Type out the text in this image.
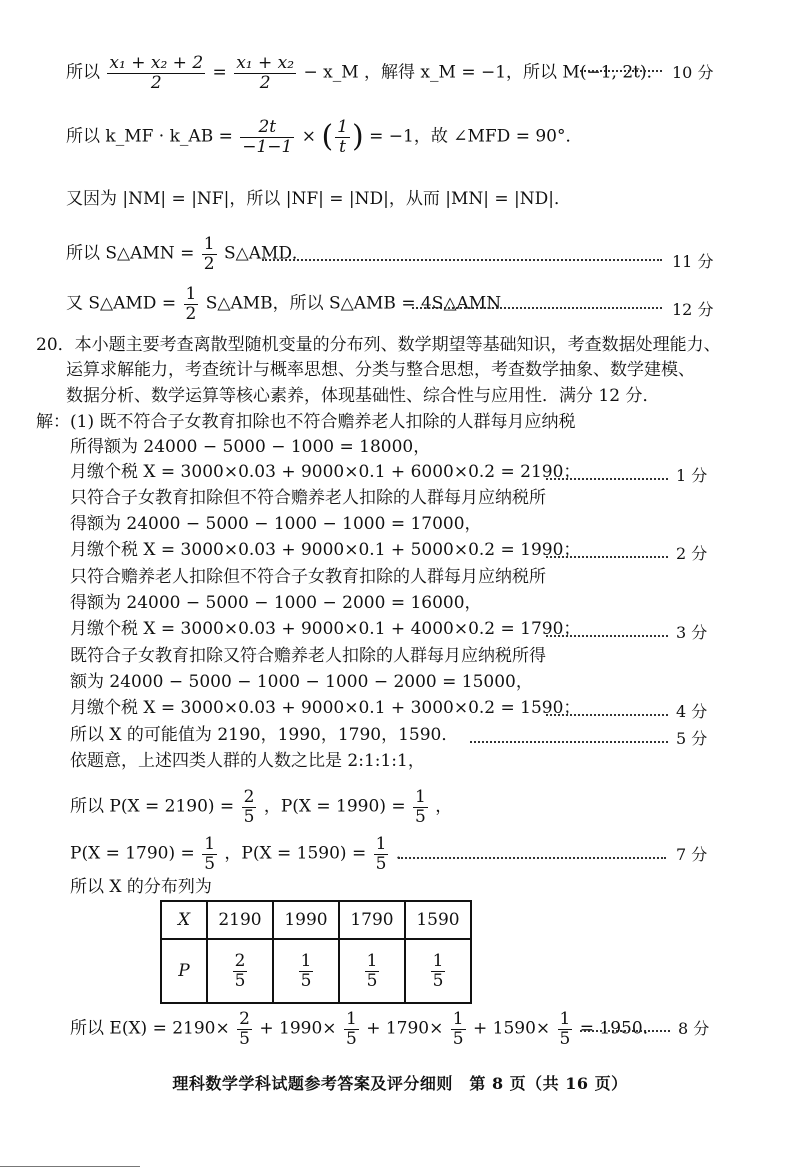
所以 $\frac{\text{x₁ + x₂ + 2}}{2} = \frac{\text{x₁ + x₂}}{2}$ − x_M ，解得 x_M = −1，所以 M(−1, 2t)． 10 分
所以 k_MF · k_AB = $\frac{2t}{-1-1}$ × ( $\frac{1}{t}$ ) = −1，故 ∠MFD = 90°．
又因为 |NM| = |NF|，所以 |NF| = |ND|，从而 |MN| = |ND|．
所以 S△AMN = $\frac{1}{2}$ S△AMD．	11 分
又 S△AMD = $\frac{1}{2}$ S△AMB，所以 S△AMB = 4S△AMN	12 分
20．本小题主要考查离散型随机变量的分布列、数学期望等基础知识，考查数据处理能力、
运算求解能力，考查统计与概率思想、分类与整合思想，考查数学抽象、数学建模、
数据分析、数学运算等核心素养，体现基础性、综合性与应用性．满分 12 分．
解：(1) 既不符合子女教育扣除也不符合赡养老人扣除的人群每月应纳税
所得额为 24000 − 5000 − 1000 = 18000，
月缴个税 X = 3000×0.03 + 9000×0.1 + 6000×0.2 = 2190；	1 分
只符合子女教育扣除但不符合赡养老人扣除的人群每月应纳税所
得额为 24000 − 5000 − 1000 − 1000 = 17000，
月缴个税 X = 3000×0.03 + 9000×0.1 + 5000×0.2 = 1990；	2 分
只符合赡养老人扣除但不符合子女教育扣除的人群每月应纳税所
得额为 24000 − 5000 − 1000 − 2000 = 16000，
月缴个税 X = 3000×0.03 + 9000×0.1 + 4000×0.2 = 1790；	3 分
既符合子女教育扣除又符合赡养老人扣除的人群每月应纳税所得
额为 24000 − 5000 − 1000 − 1000 − 2000 = 15000，
月缴个税 X = 3000×0.03 + 9000×0.1 + 3000×0.2 = 1590；	4 分
所以 X 的可能值为 2190，1990，1790，1590．	5 分
依题意，上述四类人群的人数之比是 2:1:1:1，
所以 $P(X = 2190) = \frac{2}{5}$ ，$P(X = 1990) = \frac{1}{5}$ ，
$P(X = 1790) = \frac{1}{5}$ ，$P(X = 1590) = \frac{1}{5}$ ．	7 分
所以 X 的分布列为
X	2190	1990	1790	1590
P	$\frac{2}{5}$	$\frac{1}{5}$	$\frac{1}{5}$	$\frac{1}{5}$
所以 $E(X) = 2190\times \frac{2}{5} + 1990\times \frac{1}{5} + 1790\times \frac{1}{5} + 1590\times \frac{1}{5} = 1950$． 8 分
理科数学学科试题参考答案及评分细则　第 8 页（共 16 页）
